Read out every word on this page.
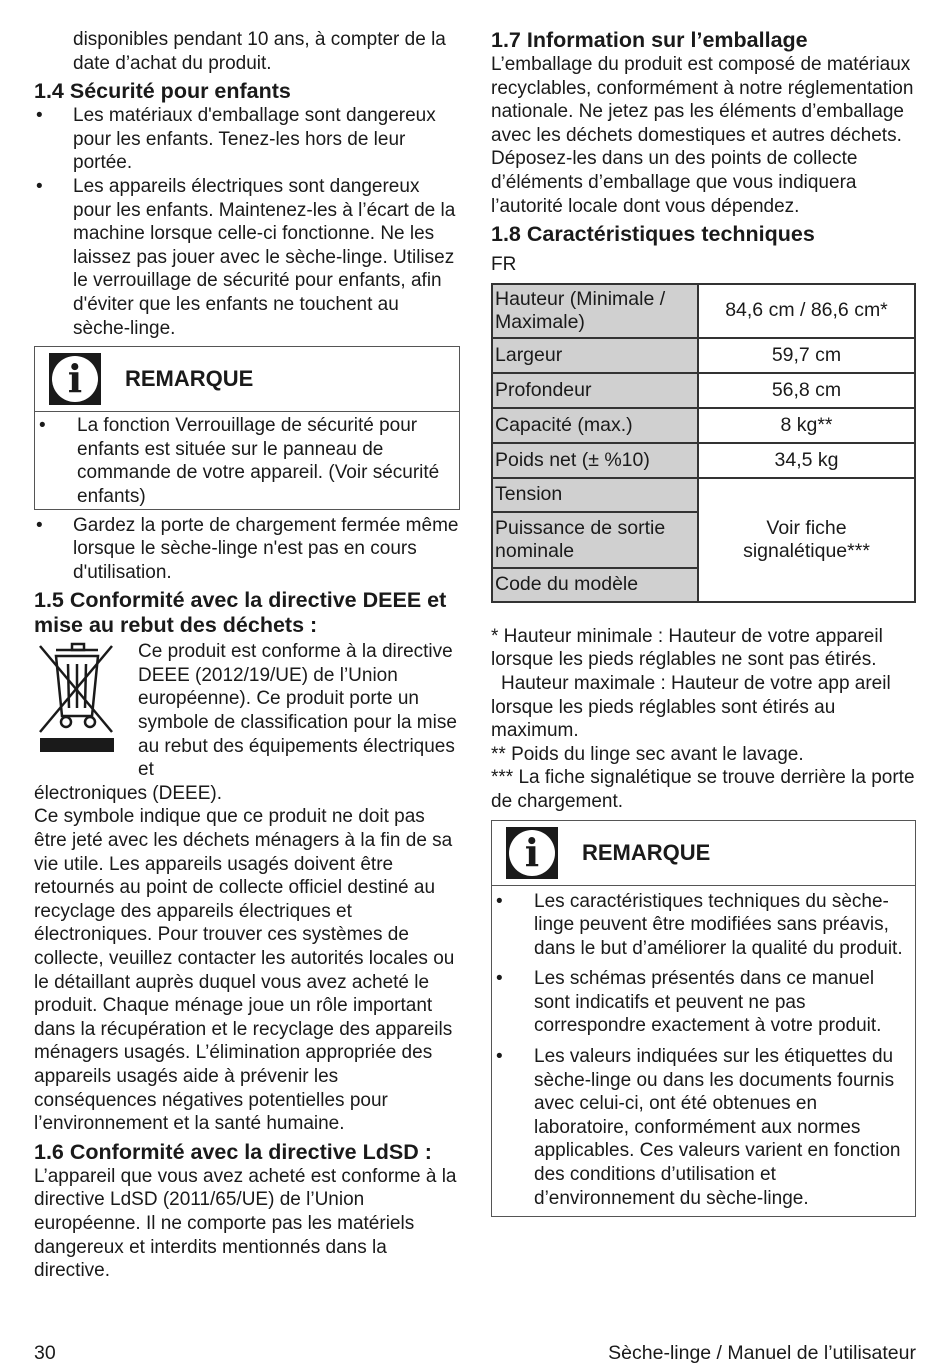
disponibles pendant 10 ans, à compter de la date d’achat du produit.

1.4 Sécurité pour enfants
• Les matériaux d'emballage sont dangereux pour les enfants. Tenez-les hors de leur portée.
• Les appareils électriques sont dangereux pour les enfants. Maintenez-les à l’écart de la machine lorsque celle-ci fonctionne. Ne les laissez pas jouer avec le sèche-linge. Utilisez le verrouillage de sécurité pour enfants, afin d'éviter que les enfants ne touchent au sèche-linge.
i	REMARQUE
• La fonction Verrouillage de sécurité pour enfants est située sur le panneau de commande de votre appareil. (Voir sécurité enfants)
• Gardez la porte de chargement fermée même lorsque le sèche-linge n'est pas en cours d'utilisation.
1.5 Conformité avec la directive DEEE et mise au rebut des déchets :

Ce produit est conforme à la directive DEEE (2012/19/UE) de l’Union européenne). Ce produit porte un symbole de classification pour la mise au rebut des équipements électriques et

électroniques (DEEE).

Ce symbole indique que ce produit ne doit pas être jeté avec les déchets ménagers à la fin de sa vie utile. Les appareils usagés doivent être retournés au point de collecte officiel destiné au recyclage des appareils électriques et électroniques. Pour trouver ces systèmes de collecte, veuillez contacter les autorités locales ou le détaillant auprès duquel vous avez acheté le produit. Chaque ménage joue un rôle important dans la récupération et le recyclage des appareils ménagers usagés. L’élimination appropriée des appareils usagés aide à prévenir les conséquences négatives potentielles pour l’environnement et la santé humaine.

1.6 Conformité avec la directive LdSD :

L’appareil que vous avez acheté est conforme à la directive LdSD (2011/65/UE) de l’Union européenne. Il ne comporte pas les matériels dangereux et interdits mentionnés dans la directive.

1.7 Information sur l’emballage

L’emballage du produit est composé de matériaux recyclables, conformément à notre réglementation nationale. Ne jetez pas les éléments d’emballage avec les déchets domestiques et autres déchets. Déposez-les dans un des points de collecte d’éléments d’emballage que vous indiquera l’autorité locale dont vous dépendez.

1.8 Caractéristiques techniques

FR

Hauteur (Minimale / Maximale)	84,6 cm / 86,6 cm*
Largeur	59,7 cm
Profondeur	56,8 cm
Capacité (max.)	8 kg**
Poids net (± %10)	34,5 kg
Tension	Voir fiche signalétique***
Puissance de sortie nominale	
Code du modèle	

* Hauteur minimale : Hauteur de votre appareil lorsque les pieds réglables ne sont pas étirés.

Hauteur maximale : Hauteur de votre app areil lorsque les pieds réglables sont étirés au maximum.

** Poids du linge sec avant le lavage.

*** La fiche signalétique se trouve derrière la porte de chargement.

i	REMARQUE
• Les caractéristiques techniques du sèche-linge peuvent être modifiées sans préavis, dans le but d’améliorer la qualité du produit.
• Les schémas présentés dans ce manuel sont indicatifs et peuvent ne pas correspondre exactement à votre produit.
• Les valeurs indiquées sur les étiquettes du sèche-linge ou dans les documents fournis avec celui-ci, ont été obtenues en laboratoire, conformément aux normes applicables. Ces valeurs varient en fonction des conditions d’utilisation et d’environnement du sèche-linge.
30	Sèche-linge / Manuel de l’utilisateur
